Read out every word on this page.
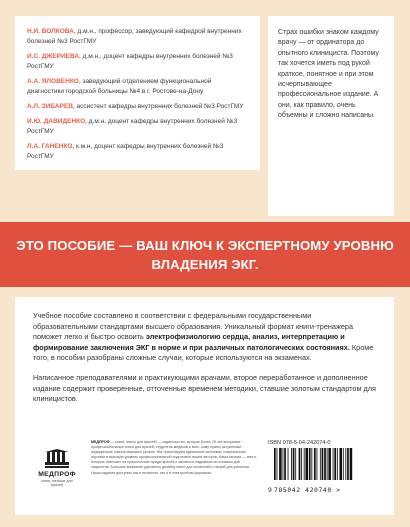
Н.И. ВОЛКОВА, д.м.н., профессор, заведующий кафедрой внутренних болезней №3 РостГМУ
И.С. ДЖЕРИЕВА, д.м.н., доцент кафедры внутренних болезней №3 РостГМУ
А.А. ЯЛОВЕНКО, заведующий отделением функциональной диагностики городской больницы №4 в г. Ростове-на-Дону
А.Л. ЗИБАРЕВ, ассистент кафедры внутренних болезней №3 РостГМУ
И.Ю. ДАВИДЕНКО, д.м.н, доцент кафедры внутренних болезней №3 РостГМУ
Л.А. ГАНЕНКО, к.м.н, доцент кафедры внутренних болезней №3 РостГМУ

Страх ошибки знаком каждому врачу — от ординатора до опытного клинициста. Поэтому так хочется иметь под рукой краткое, понятное и при этом исчерпывающее профессиональное издание. А они, как правило, очень объемны и сложно написаны.

ЭТО ПОСОБИЕ — ВАШ КЛЮЧ К ЭКСПЕРТНОМУ УРОВНЮ ВЛАДЕНИЯ ЭКГ.

Учебное пособие составлено в соответствии с федеральными государственными образовательными стандартами высшего образования. Уникальный формат книги-тренажера поможет легко и быстро освоить электрофизиологию сердца, анализ, интерпретацию и формирование заключения ЭКГ в норме и при различных патологических состояниях. Кроме того, в пособии разобраны сложные случаи, которые используются на экзаменах.

Написанное преподавателями и практикующими врачами, второе переработанное и дополненное издание содержит проверенные, отточенные временем методики, ставшие золотым стандартом для клиницистов.

МЕДПРОФ
книги, меньше для врачей
МЕДПРОФ — книги, много для врачей! — издательство, которое более 25 лет выпускает профессиональные книги для врачей, студентов-медиков и всех, кому нужны актуальные медицинские знания мирового уровня. Мы транслируем идеальные ключевые современные научные и высокую уровень профессиональной подготовки наших авторов. Наша миссия — книги, которые отвечают на практические нужды врачей и являются надежным источником для пациентов. Большое внимание уделяется дизайну книги для читателей и легкой для усвоения. Наши издания доступны как в печатном, так и в электронном форматах.
ISBN 978-5-04-242074-0
785042 420740 >
9
